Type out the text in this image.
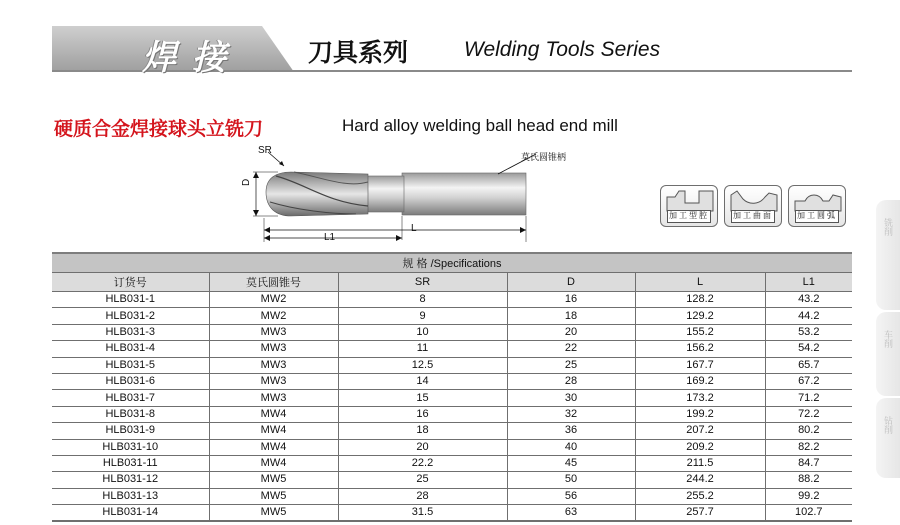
焊接	刀具系列	Welding Tools Series
硬质合金焊接球头立铣刀	Hard alloy welding ball head end mill
SR
D
L
L1
莫氏圆锥柄
加工型腔	加工曲面	加工圆弧
规 格 /Specifications					
订货号	莫氏圆锥号	SR	D	L	L1
HLB031-1	MW2	8	16	128.2	43.2
HLB031-2	MW2	9	18	129.2	44.2
HLB031-3	MW3	10	20	155.2	53.2
HLB031-4	MW3	11	22	156.2	54.2
HLB031-5	MW3	12.5	25	167.7	65.7
HLB031-6	MW3	14	28	169.2	67.2
HLB031-7	MW3	15	30	173.2	71.2
HLB031-8	MW4	16	32	199.2	72.2
HLB031-9	MW4	18	36	207.2	80.2
HLB031-10	MW4	20	40	209.2	82.2
HLB031-11	MW4	22.2	45	211.5	84.7
HLB031-12	MW5	25	50	244.2	88.2
HLB031-13	MW5	28	56	255.2	99.2
HLB031-14	MW5	31.5	63	257.7	102.7
铣削
车削
钻削
